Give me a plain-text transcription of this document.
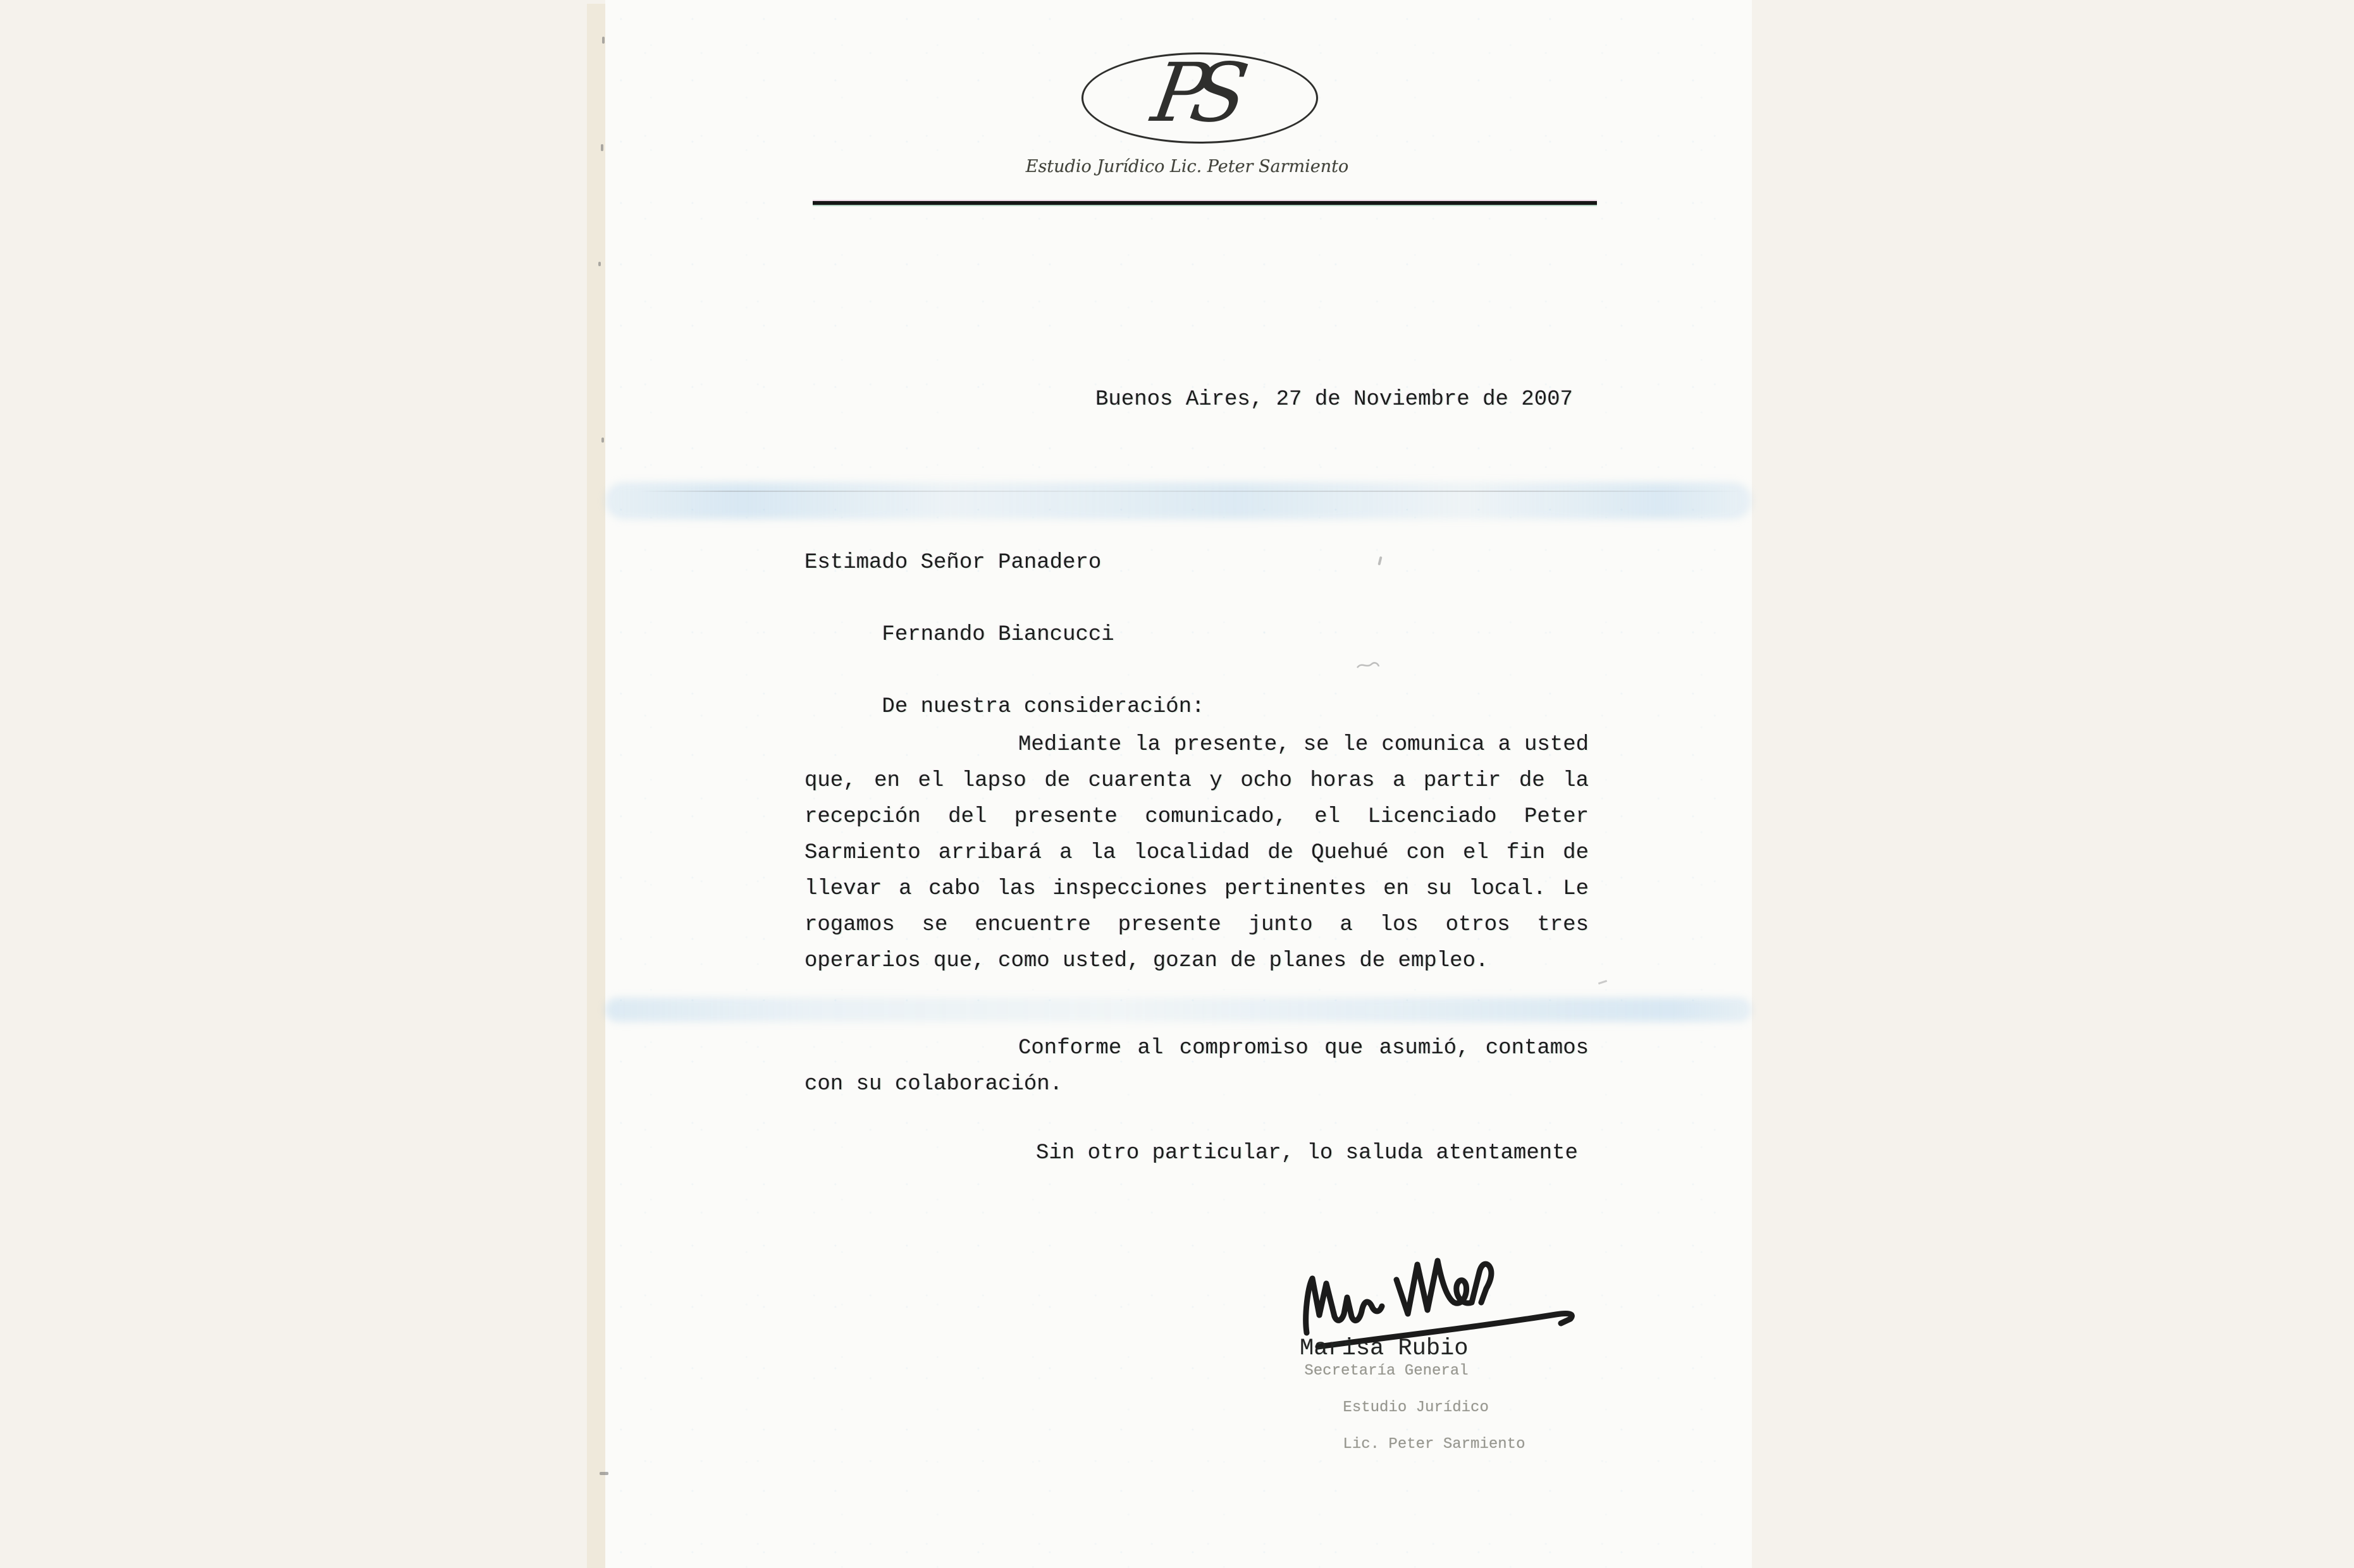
PS
Estudio Jurídico Lic. Peter Sarmiento
Buenos Aires, 27 de Noviembre de 2007
Estimado Señor Panadero

Fernando Biancucci

De nuestra consideración:

Mediante la presente, se le comunica a usted que, en el lapso de cuarenta y ocho horas a partir de la recepción del presente comunicado, el Licenciado Peter Sarmiento arribará a la localidad de Quehué con el fin de llevar a cabo las inspecciones pertinentes en su local. Le rogamos se encuentre presente junto a los otros tres operarios que, como usted, gozan de planes de empleo.
Conforme al compromiso que asumió, contamos con su colaboración.
Sin otro particular, lo saluda atentamente
Marisa Rubio
Secretaría General

Estudio Jurídico

Lic. Peter Sarmiento
